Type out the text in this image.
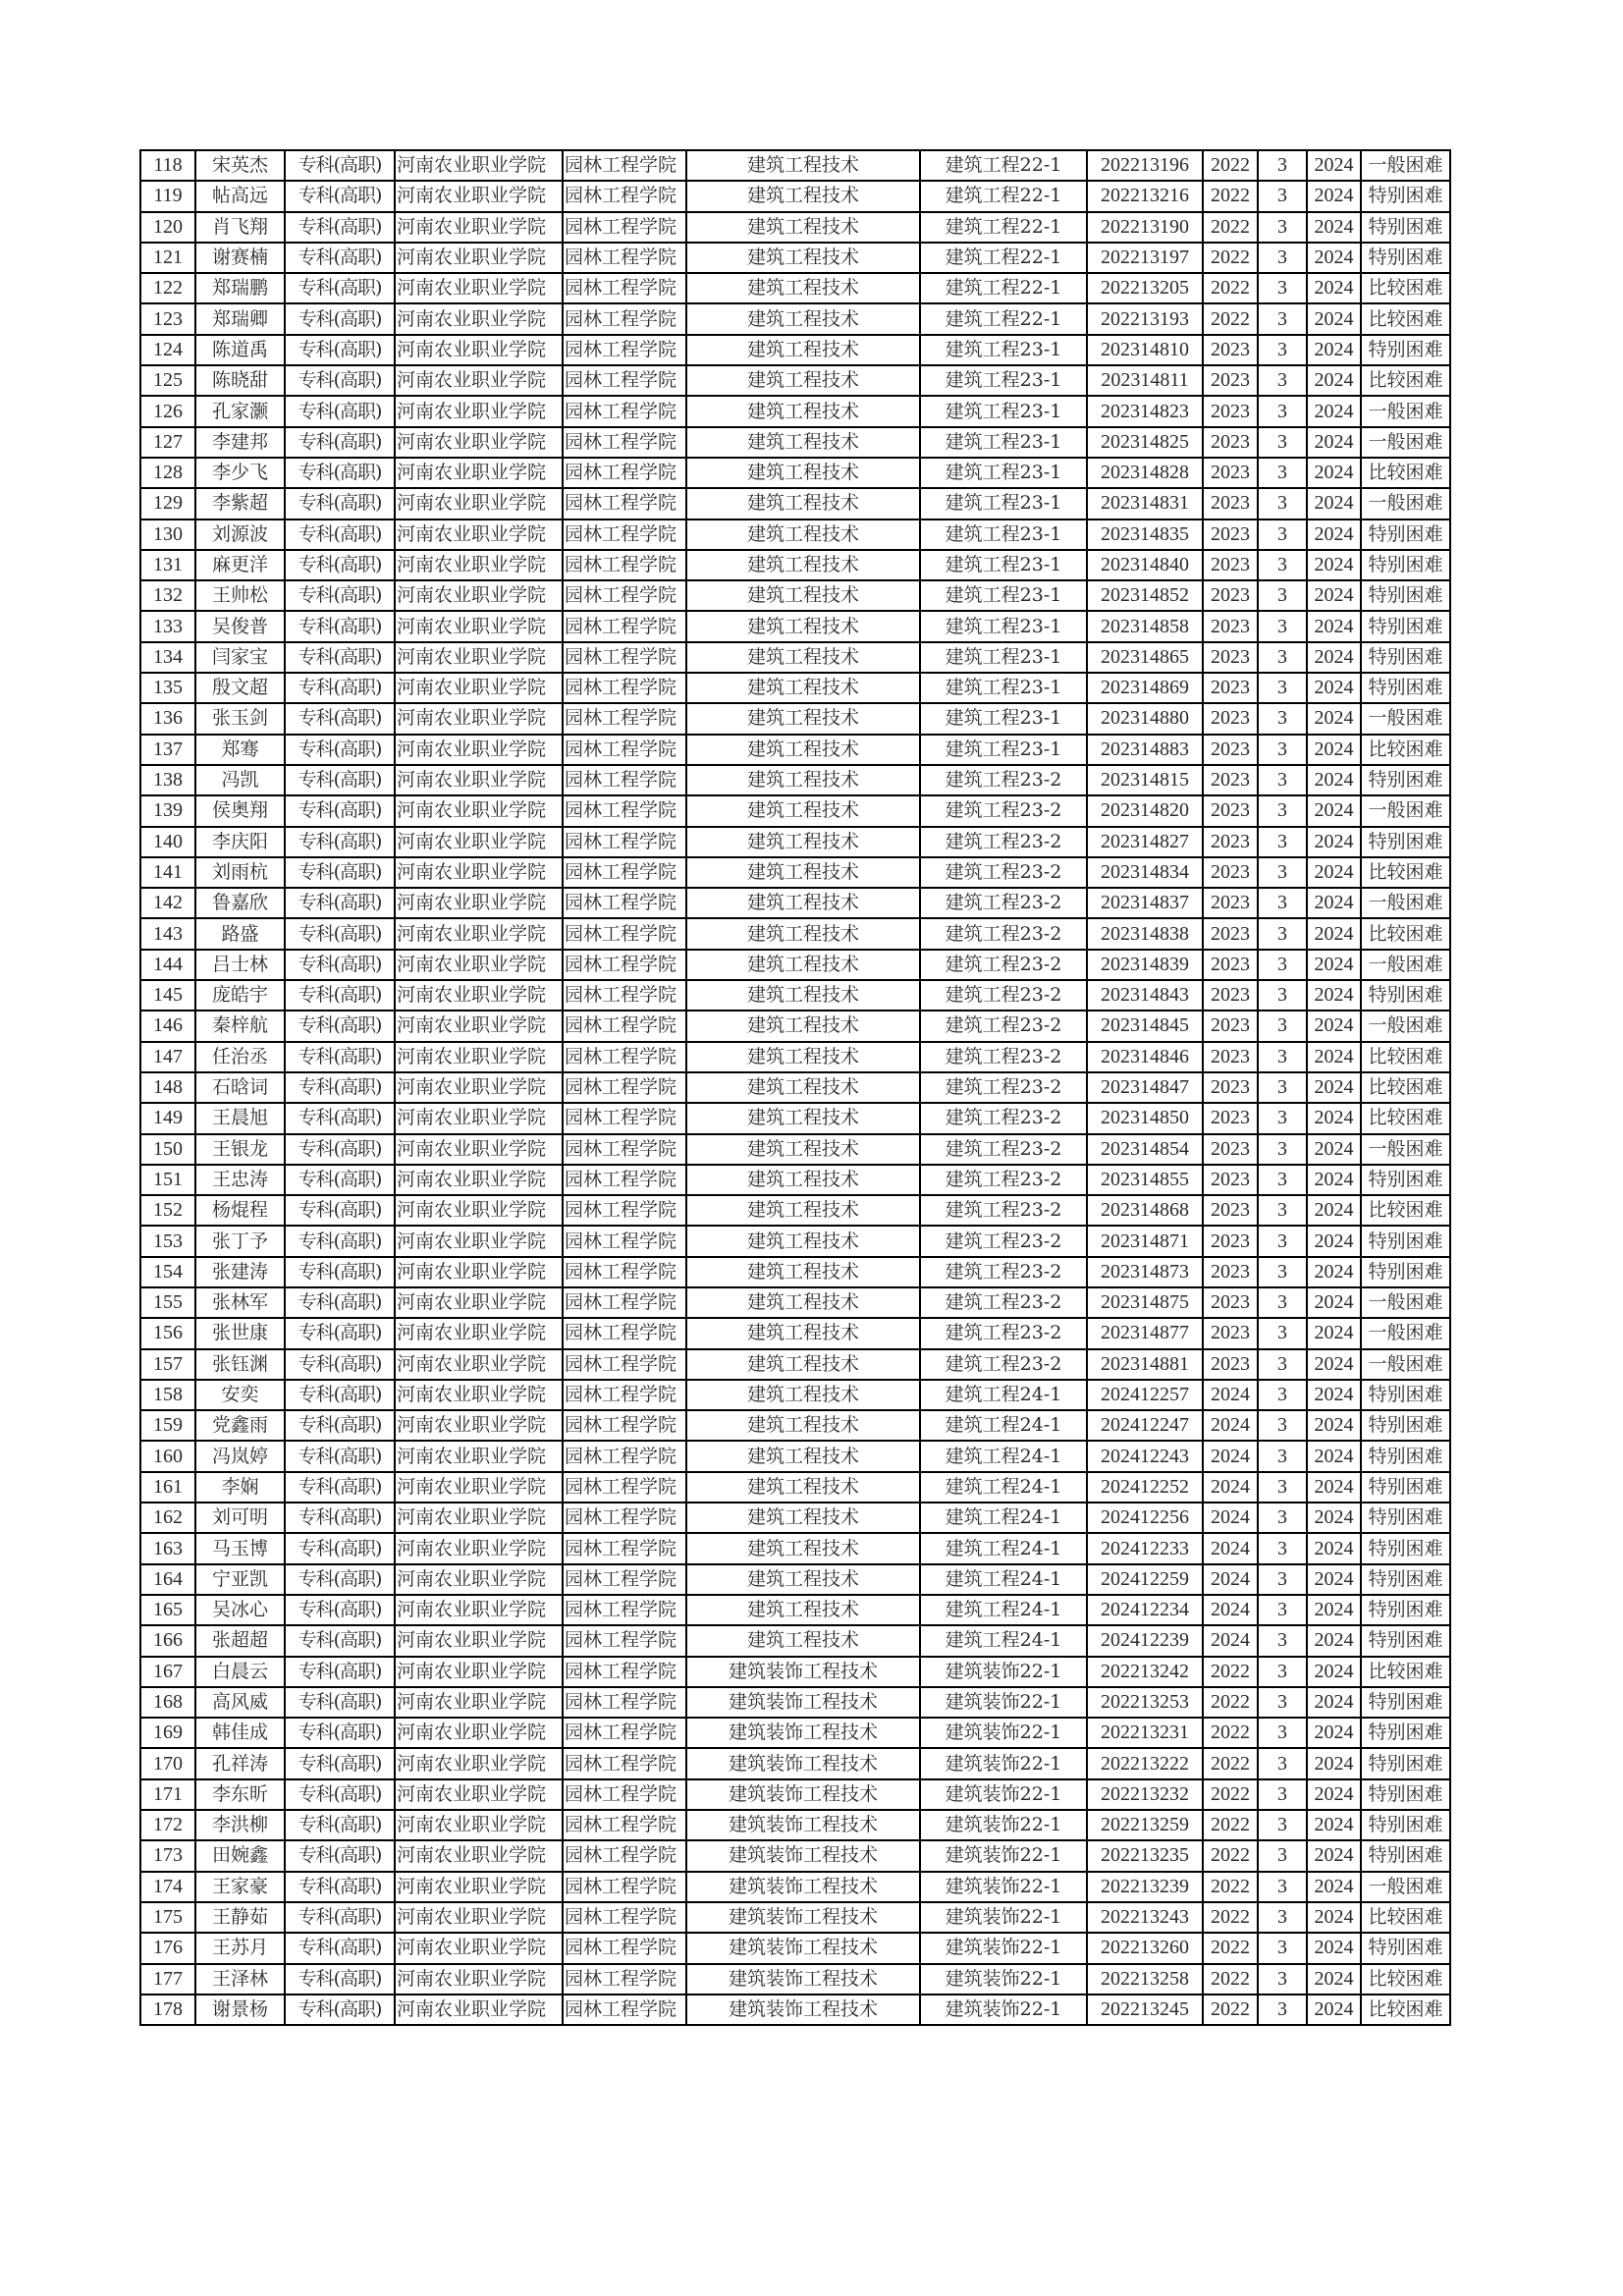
118	宋英杰	专科(高职)	河南农业职业学院	园林工程学院	建筑工程技术	建筑工程22-1	202213196	2022	3	2024	一般困难
119	帖高远	专科(高职)	河南农业职业学院	园林工程学院	建筑工程技术	建筑工程22-1	202213216	2022	3	2024	特别困难
120	肖飞翔	专科(高职)	河南农业职业学院	园林工程学院	建筑工程技术	建筑工程22-1	202213190	2022	3	2024	特别困难
121	谢赛楠	专科(高职)	河南农业职业学院	园林工程学院	建筑工程技术	建筑工程22-1	202213197	2022	3	2024	特别困难
122	郑瑞鹏	专科(高职)	河南农业职业学院	园林工程学院	建筑工程技术	建筑工程22-1	202213205	2022	3	2024	比较困难
123	郑瑞卿	专科(高职)	河南农业职业学院	园林工程学院	建筑工程技术	建筑工程22-1	202213193	2022	3	2024	比较困难
124	陈道禹	专科(高职)	河南农业职业学院	园林工程学院	建筑工程技术	建筑工程23-1	202314810	2023	3	2024	特别困难
125	陈晓甜	专科(高职)	河南农业职业学院	园林工程学院	建筑工程技术	建筑工程23-1	202314811	2023	3	2024	比较困难
126	孔家灏	专科(高职)	河南农业职业学院	园林工程学院	建筑工程技术	建筑工程23-1	202314823	2023	3	2024	一般困难
127	李建邦	专科(高职)	河南农业职业学院	园林工程学院	建筑工程技术	建筑工程23-1	202314825	2023	3	2024	一般困难
128	李少飞	专科(高职)	河南农业职业学院	园林工程学院	建筑工程技术	建筑工程23-1	202314828	2023	3	2024	比较困难
129	李紫超	专科(高职)	河南农业职业学院	园林工程学院	建筑工程技术	建筑工程23-1	202314831	2023	3	2024	一般困难
130	刘源波	专科(高职)	河南农业职业学院	园林工程学院	建筑工程技术	建筑工程23-1	202314835	2023	3	2024	特别困难
131	麻更洋	专科(高职)	河南农业职业学院	园林工程学院	建筑工程技术	建筑工程23-1	202314840	2023	3	2024	特别困难
132	王帅松	专科(高职)	河南农业职业学院	园林工程学院	建筑工程技术	建筑工程23-1	202314852	2023	3	2024	特别困难
133	吴俊普	专科(高职)	河南农业职业学院	园林工程学院	建筑工程技术	建筑工程23-1	202314858	2023	3	2024	特别困难
134	闫家宝	专科(高职)	河南农业职业学院	园林工程学院	建筑工程技术	建筑工程23-1	202314865	2023	3	2024	特别困难
135	殷文超	专科(高职)	河南农业职业学院	园林工程学院	建筑工程技术	建筑工程23-1	202314869	2023	3	2024	特别困难
136	张玉剑	专科(高职)	河南农业职业学院	园林工程学院	建筑工程技术	建筑工程23-1	202314880	2023	3	2024	一般困难
137	郑骞	专科(高职)	河南农业职业学院	园林工程学院	建筑工程技术	建筑工程23-1	202314883	2023	3	2024	比较困难
138	冯凯	专科(高职)	河南农业职业学院	园林工程学院	建筑工程技术	建筑工程23-2	202314815	2023	3	2024	特别困难
139	侯奥翔	专科(高职)	河南农业职业学院	园林工程学院	建筑工程技术	建筑工程23-2	202314820	2023	3	2024	一般困难
140	李庆阳	专科(高职)	河南农业职业学院	园林工程学院	建筑工程技术	建筑工程23-2	202314827	2023	3	2024	特别困难
141	刘雨杭	专科(高职)	河南农业职业学院	园林工程学院	建筑工程技术	建筑工程23-2	202314834	2023	3	2024	比较困难
142	鲁嘉欣	专科(高职)	河南农业职业学院	园林工程学院	建筑工程技术	建筑工程23-2	202314837	2023	3	2024	一般困难
143	路盛	专科(高职)	河南农业职业学院	园林工程学院	建筑工程技术	建筑工程23-2	202314838	2023	3	2024	比较困难
144	吕士林	专科(高职)	河南农业职业学院	园林工程学院	建筑工程技术	建筑工程23-2	202314839	2023	3	2024	一般困难
145	庞皓宇	专科(高职)	河南农业职业学院	园林工程学院	建筑工程技术	建筑工程23-2	202314843	2023	3	2024	特别困难
146	秦梓航	专科(高职)	河南农业职业学院	园林工程学院	建筑工程技术	建筑工程23-2	202314845	2023	3	2024	一般困难
147	任治丞	专科(高职)	河南农业职业学院	园林工程学院	建筑工程技术	建筑工程23-2	202314846	2023	3	2024	比较困难
148	石晗词	专科(高职)	河南农业职业学院	园林工程学院	建筑工程技术	建筑工程23-2	202314847	2023	3	2024	比较困难
149	王晨旭	专科(高职)	河南农业职业学院	园林工程学院	建筑工程技术	建筑工程23-2	202314850	2023	3	2024	比较困难
150	王银龙	专科(高职)	河南农业职业学院	园林工程学院	建筑工程技术	建筑工程23-2	202314854	2023	3	2024	一般困难
151	王忠涛	专科(高职)	河南农业职业学院	园林工程学院	建筑工程技术	建筑工程23-2	202314855	2023	3	2024	特别困难
152	杨焜程	专科(高职)	河南农业职业学院	园林工程学院	建筑工程技术	建筑工程23-2	202314868	2023	3	2024	比较困难
153	张丁予	专科(高职)	河南农业职业学院	园林工程学院	建筑工程技术	建筑工程23-2	202314871	2023	3	2024	特别困难
154	张建涛	专科(高职)	河南农业职业学院	园林工程学院	建筑工程技术	建筑工程23-2	202314873	2023	3	2024	特别困难
155	张林军	专科(高职)	河南农业职业学院	园林工程学院	建筑工程技术	建筑工程23-2	202314875	2023	3	2024	一般困难
156	张世康	专科(高职)	河南农业职业学院	园林工程学院	建筑工程技术	建筑工程23-2	202314877	2023	3	2024	一般困难
157	张钰渊	专科(高职)	河南农业职业学院	园林工程学院	建筑工程技术	建筑工程23-2	202314881	2023	3	2024	一般困难
158	安奕	专科(高职)	河南农业职业学院	园林工程学院	建筑工程技术	建筑工程24-1	202412257	2024	3	2024	特别困难
159	党鑫雨	专科(高职)	河南农业职业学院	园林工程学院	建筑工程技术	建筑工程24-1	202412247	2024	3	2024	特别困难
160	冯岚婷	专科(高职)	河南农业职业学院	园林工程学院	建筑工程技术	建筑工程24-1	202412243	2024	3	2024	特别困难
161	李娴	专科(高职)	河南农业职业学院	园林工程学院	建筑工程技术	建筑工程24-1	202412252	2024	3	2024	特别困难
162	刘可明	专科(高职)	河南农业职业学院	园林工程学院	建筑工程技术	建筑工程24-1	202412256	2024	3	2024	特别困难
163	马玉博	专科(高职)	河南农业职业学院	园林工程学院	建筑工程技术	建筑工程24-1	202412233	2024	3	2024	特别困难
164	宁亚凯	专科(高职)	河南农业职业学院	园林工程学院	建筑工程技术	建筑工程24-1	202412259	2024	3	2024	特别困难
165	吴冰心	专科(高职)	河南农业职业学院	园林工程学院	建筑工程技术	建筑工程24-1	202412234	2024	3	2024	特别困难
166	张超超	专科(高职)	河南农业职业学院	园林工程学院	建筑工程技术	建筑工程24-1	202412239	2024	3	2024	特别困难
167	白晨云	专科(高职)	河南农业职业学院	园林工程学院	建筑装饰工程技术	建筑装饰22-1	202213242	2022	3	2024	比较困难
168	高风威	专科(高职)	河南农业职业学院	园林工程学院	建筑装饰工程技术	建筑装饰22-1	202213253	2022	3	2024	特别困难
169	韩佳成	专科(高职)	河南农业职业学院	园林工程学院	建筑装饰工程技术	建筑装饰22-1	202213231	2022	3	2024	特别困难
170	孔祥涛	专科(高职)	河南农业职业学院	园林工程学院	建筑装饰工程技术	建筑装饰22-1	202213222	2022	3	2024	特别困难
171	李东昕	专科(高职)	河南农业职业学院	园林工程学院	建筑装饰工程技术	建筑装饰22-1	202213232	2022	3	2024	特别困难
172	李洪柳	专科(高职)	河南农业职业学院	园林工程学院	建筑装饰工程技术	建筑装饰22-1	202213259	2022	3	2024	特别困难
173	田婉鑫	专科(高职)	河南农业职业学院	园林工程学院	建筑装饰工程技术	建筑装饰22-1	202213235	2022	3	2024	特别困难
174	王家豪	专科(高职)	河南农业职业学院	园林工程学院	建筑装饰工程技术	建筑装饰22-1	202213239	2022	3	2024	一般困难
175	王静茹	专科(高职)	河南农业职业学院	园林工程学院	建筑装饰工程技术	建筑装饰22-1	202213243	2022	3	2024	比较困难
176	王苏月	专科(高职)	河南农业职业学院	园林工程学院	建筑装饰工程技术	建筑装饰22-1	202213260	2022	3	2024	特别困难
177	王泽林	专科(高职)	河南农业职业学院	园林工程学院	建筑装饰工程技术	建筑装饰22-1	202213258	2022	3	2024	比较困难
178	谢景杨	专科(高职)	河南农业职业学院	园林工程学院	建筑装饰工程技术	建筑装饰22-1	202213245	2022	3	2024	比较困难
